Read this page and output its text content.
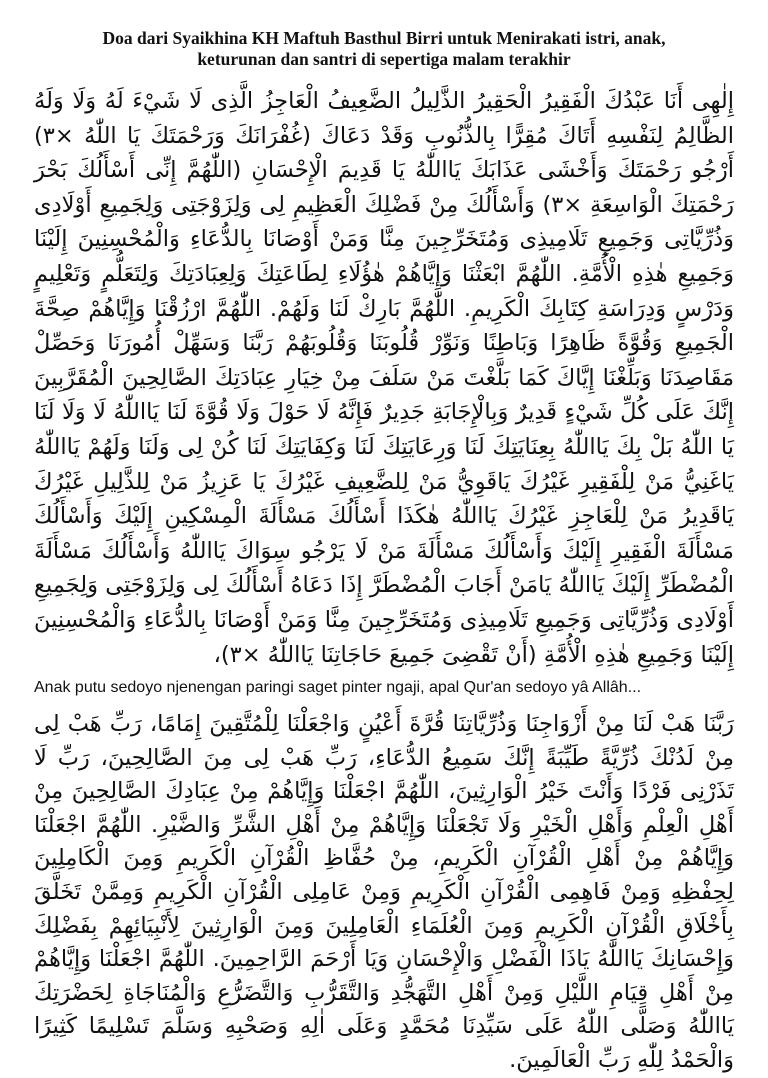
Doa dari Syaikhina KH Maftuh Basthul Birri untuk Menirakati istri, anak,
keturunan dan santri di sepertiga malam terakhir

إِلٰهِى أَنَا عَبْدُكَ الْفَقِيرُ الْحَقِيرُ الذَّلِيلُ الضَّعِيفُ الْعَاجِزُ الَّذِى لَا شَيْءَ لَهُ وَلَا وَلَهُ الظَّالِمُ لِنَفْسِهِ أَتَاكَ مُقِرًّا بِالذُّنُوبِ وَقَدْ دَعَاكَ (غُفْرَانَكَ وَرَحْمَتَكَ يَا اللّٰهُ ×٣) أَرْجُو رَحْمَتَكَ وَأَخْشَى عَذَابَكَ يَااللّٰهُ يَا قَدِيمَ الْإِحْسَانِ (اللّٰهُمَّ إِنِّى أَسْأَلُكَ بَحْرَ رَحْمَتِكَ الْوَاسِعَةِ ×٣) وَأَسْأَلُكَ مِنْ فَضْلِكَ الْعَظِيمِ لِى وَلِزَوْجَتِى وَلِجَمِيعِ أَوْلَادِى وَذُرِّيَّاتِى وَجَمِيعِ تَلَامِيذِى وَمُتَخَرِّجِينَ مِنَّا وَمَنْ أَوْصَانَا بِالدُّعَاءِ وَالْمُحْسِنِينَ إِلَيْنَا وَجَمِيعِ هٰذِهِ الْأُمَّةِ. اللّٰهُمَّ ابْعَثْنَا وَإِيَّاهُمْ هٰؤُلَاءِ لِطَاعَتِكَ وَلِعِبَادَتِكَ وَلِتَعَلُّمٍ وَتَعْلِيمٍ وَدَرْسٍ وَدِرَاسَةِ كِتَابِكَ الْكَرِيمِ. اللّٰهُمَّ بَارِكْ لَنَا وَلَهُمْ. اللّٰهُمَّ ارْزُقْنَا وَإِيَّاهُمْ صِحَّةَ الْجَمِيعِ وَقُوَّةً ظَاهِرًا وَبَاطِنًا وَنَوِّرْ قُلُوبَنَا وَقُلُوبَهُمْ رَبَّنَا وَسَهِّلْ أُمُورَنَا وَحَصِّلْ مَقَاصِدَنَا وَبَلِّغْنَا إِيَّاكَ كَمَا بَلَّغْتَ مَنْ سَلَفَ مِنْ خِيَارِ عِبَادَتِكَ الصَّالِحِينَ الْمُقَرَّبِينَ إِنَّكَ عَلَى كُلِّ شَيْءٍ قَدِيرٌ وَبِالْإِجَابَةِ جَدِيرٌ فَإِنَّهُ لَا حَوْلَ وَلَا قُوَّةَ لَنَا يَااللّٰهُ لَا وَلَا لَنَا يَا اللّٰهُ بَلْ بِكَ يَااللّٰهُ بِعِنَايَتِكَ لَنَا وَرِعَايَتِكَ لَنَا وَكِفَايَتِكَ لَنَا كُنْ لِى وَلَنَا وَلَهُمْ يَااللّٰهُ يَاغَنِيُّ مَنْ لِلْفَقِيرِ غَيْرُكَ يَاقَوِيُّ مَنْ لِلضَّعِيفِ غَيْرُكَ يَا عَزِيزُ مَنْ لِلذَّلِيلِ غَيْرُكَ يَاقَدِيرُ مَنْ لِلْعَاجِزِ غَيْرُكَ يَااللّٰهُ هٰكَذَا أَسْأَلُكَ مَسْأَلَةَ الْمِسْكِينِ إِلَيْكَ وَأَسْأَلُكَ مَسْأَلَةَ الْفَقِيرِ إِلَيْكَ وَأَسْأَلُكَ مَسْأَلَةَ مَنْ لَا يَرْجُو سِوَاكَ يَااللّٰهُ وَأَسْأَلُكَ مَسْأَلَةَ الْمُضْطَرِّ إِلَيْكَ يَااللّٰهُ يَامَنْ أَجَابَ الْمُضْطَرَّ إِذَا دَعَاهُ أَسْأَلُكَ لِى وَلِزَوْجَتِى وَلِجَمِيعِ أَوْلَادِى وَذُرِّيَّاتِى وَجَمِيعِ تَلَامِيذِى وَمُتَخَرِّجِينَ مِنَّا وَمَنْ أَوْصَانَا بِالدُّعَاءِ وَالْمُحْسِنِينَ إِلَيْنَا وَجَمِيعِ هٰذِهِ الْأُمَّةِ (أَنْ تَقْضِىَ جَمِيعَ حَاجَاتِنَا يَااللّٰهُ ×٣)،

Anak putu sedoyo njenengan paringi saget pinter ngaji, apal Qur'an sedoyo yâ Allâh...

رَبَّنَا هَبْ لَنَا مِنْ أَزْوَاجِنَا وَذُرِّيَّاتِنَا قُرَّةَ أَعْيُنٍ وَاجْعَلْنَا لِلْمُتَّقِينَ إِمَامًا، رَبِّ هَبْ لِى مِنْ لَدُنْكَ ذُرِّيَّةً طَيِّبَةً إِنَّكَ سَمِيعُ الدُّعَاءِ، رَبِّ هَبْ لِى مِنَ الصَّالِحِينَ، رَبِّ لَا تَذَرْنِى فَرْدًا وَأَنْتَ خَيْرُ الْوَارِثِينَ، اللّٰهُمَّ اجْعَلْنَا وَإِيَّاهُمْ مِنْ عِبَادِكَ الصَّالِحِينَ مِنْ أَهْلِ الْعِلْمِ وَأَهْلِ الْخَيْرِ وَلَا تَجْعَلْنَا وَإِيَّاهُمْ مِنْ أَهْلِ الشَّرِّ وَالضَّيْرِ. اللّٰهُمَّ اجْعَلْنَا وَإِيَّاهُمْ مِنْ أَهْلِ الْقُرْآنِ الْكَرِيمِ، مِنْ حُفَّاظِ الْقُرْآنِ الْكَرِيمِ وَمِنَ الْكَامِلِينَ لِحِفْظِهِ وَمِنْ فَاهِمِى الْقُرْآنِ الْكَرِيمِ وَمِنْ عَامِلِى الْقُرْآنِ الْكَرِيمِ وَمِمَّنْ تَخَلَّقَ بِأَخْلَاقِ الْقُرْآنِ الْكَرِيمِ وَمِنَ الْعُلَمَاءِ الْعَامِلِينَ وَمِنَ الْوَارِثِينَ لِأَنْبِيَائِهِمْ بِفَضْلِكَ وَإِحْسَانِكَ يَااللّٰهُ يَاذَا الْفَضْلِ وَالْإِحْسَانِ وَيَا أَرْحَمَ الرَّاحِمِينَ. اللّٰهُمَّ اجْعَلْنَا وَإِيَّاهُمْ مِنْ أَهْلِ قِيَامِ اللَّيْلِ وَمِنْ أَهْلِ التَّهَجُّدِ وَالتَّقَرُّبِ وَالتَّضَرُّعِ وَالْمُنَاجَاةِ لِحَضْرَتِكَ يَااللّٰهُ وَصَلَّى اللّٰهُ عَلَى سَيِّدِنَا مُحَمَّدٍ وَعَلَى اٰلِهِ وَصَحْبِهِ وَسَلَّمَ تَسْلِيمًا كَثِيرًا وَالْحَمْدُ لِلّٰهِ رَبِّ الْعَالَمِينَ.
